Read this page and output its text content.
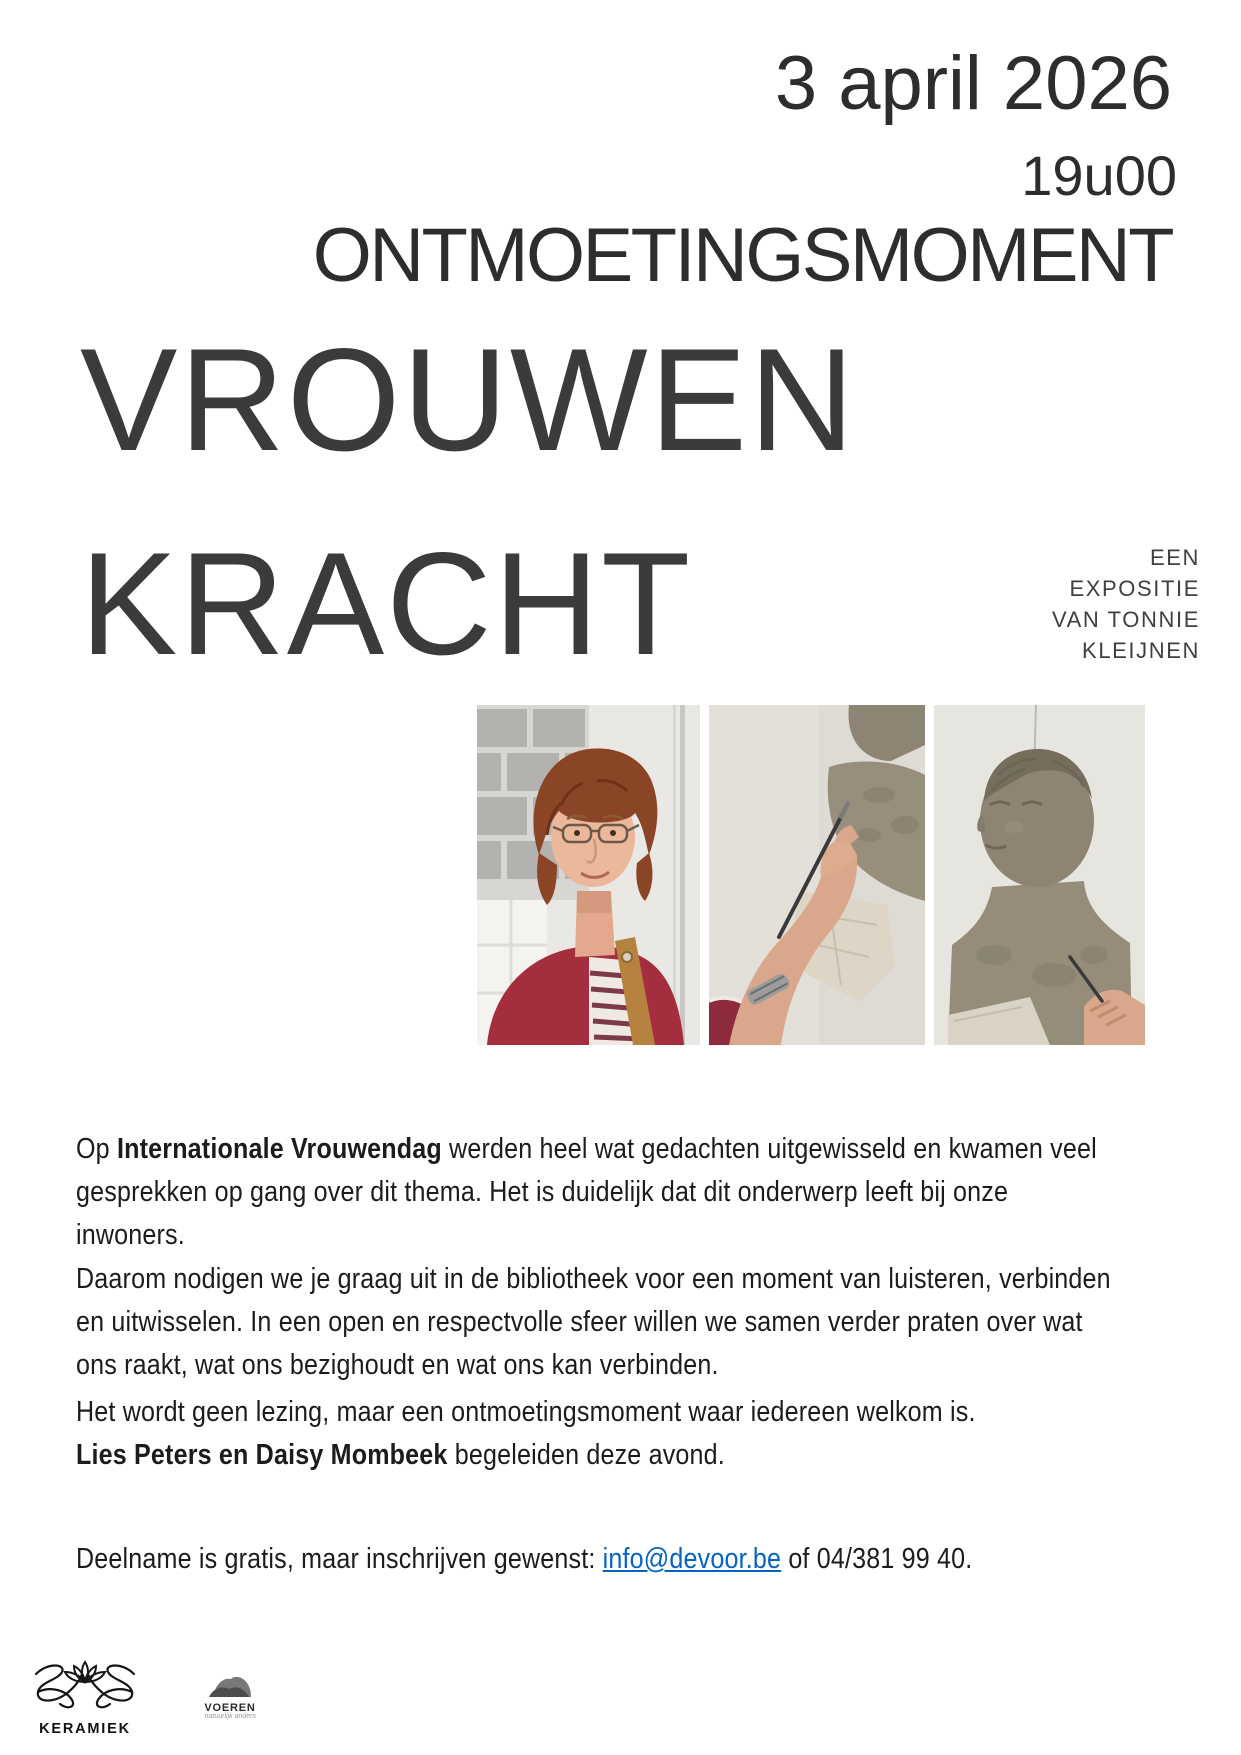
3 april 2026
19u00
ONTMOETINGSMOMENT
VROUWEN
KRACHT	EEN
EXPOSITIE
VAN TONNIE
KLEIJNEN
Op Internationale Vrouwendag werden heel wat gedachten uitgewisseld en kwamen veel
gesprekken op gang over dit thema. Het is duidelijk dat dit onderwerp leeft bij onze
inwoners.
Daarom nodigen we je graag uit in de bibliotheek voor een moment van luisteren, verbinden
en uitwisselen. In een open en respectvolle sfeer willen we samen verder praten over wat
ons raakt, wat ons bezighoudt en wat ons kan verbinden.
Het wordt geen lezing, maar een ontmoetingsmoment waar iedereen welkom is.
Lies Peters en Daisy Mombeek begeleiden deze avond.
Deelname is gratis, maar inschrijven gewenst: info@devoor.be of 04/381 99 40.
KERAMIEK
VOEREN
natuurlijk anders
